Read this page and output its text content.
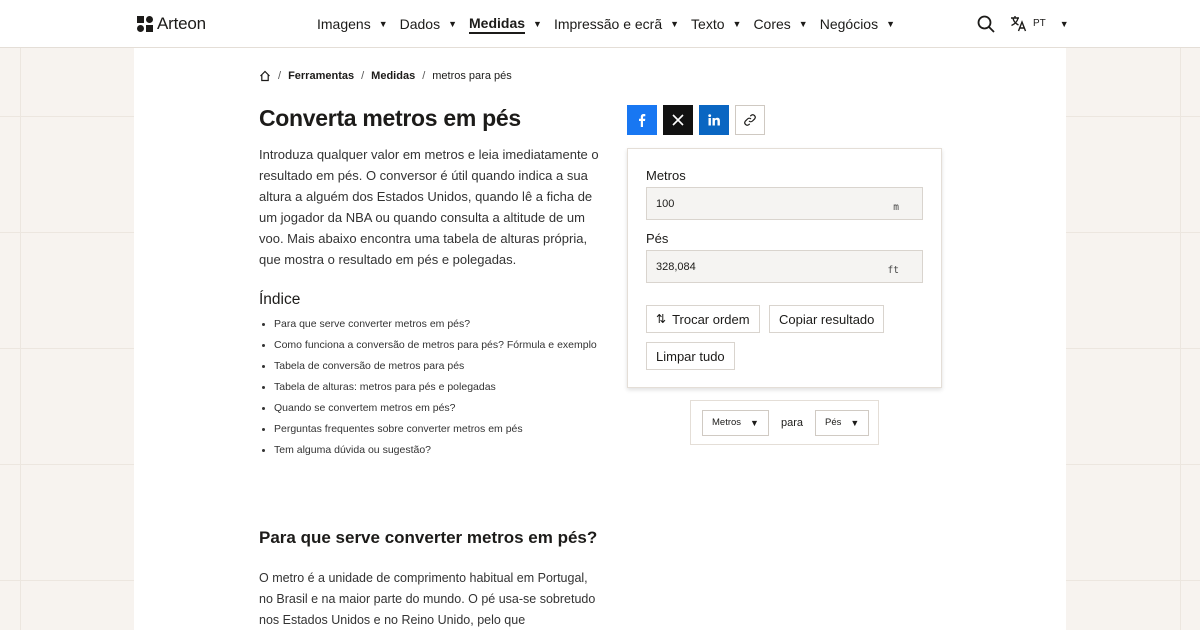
Arteon	Imagens ▼ Dados ▼ Medidas ▼ Impressão e ecrã ▼ Texto ▼ Cores ▼ Negócios ▼	PT ▼
/ Ferramentas / Medidas / metros para pés
Converta metros em pés

Introduza qualquer valor em metros e leia imediatamente o resultado em pés. O conversor é útil quando indica a sua altura a alguém dos Estados Unidos, quando lê a ficha de um jogador da NBA ou quando consulta a altitude de um voo. Mais abaixo encontra uma tabela de alturas própria, que mostra o resultado em pés e polegadas.

Índice
Para que serve converter metros em pés?
Como funciona a conversão de metros para pés? Fórmula e exemplo
Tabela de conversão de metros para pés
Tabela de alturas: metros para pés e polegadas
Quando se convertem metros em pés?
Perguntas frequentes sobre converter metros em pés
Tem alguma dúvida ou sugestão?
Para que serve converter metros em pés?

O metro é a unidade de comprimento habitual em Portugal, no Brasil e na maior parte do mundo. O pé usa-se sobretudo nos Estados Unidos e no Reino Unido, pelo que

Metros
100
m
Pés
328,084
ft
⇅ Trocar ordem Copiar resultado
Limpar tudo
Metros ▼ para Pés ▼
